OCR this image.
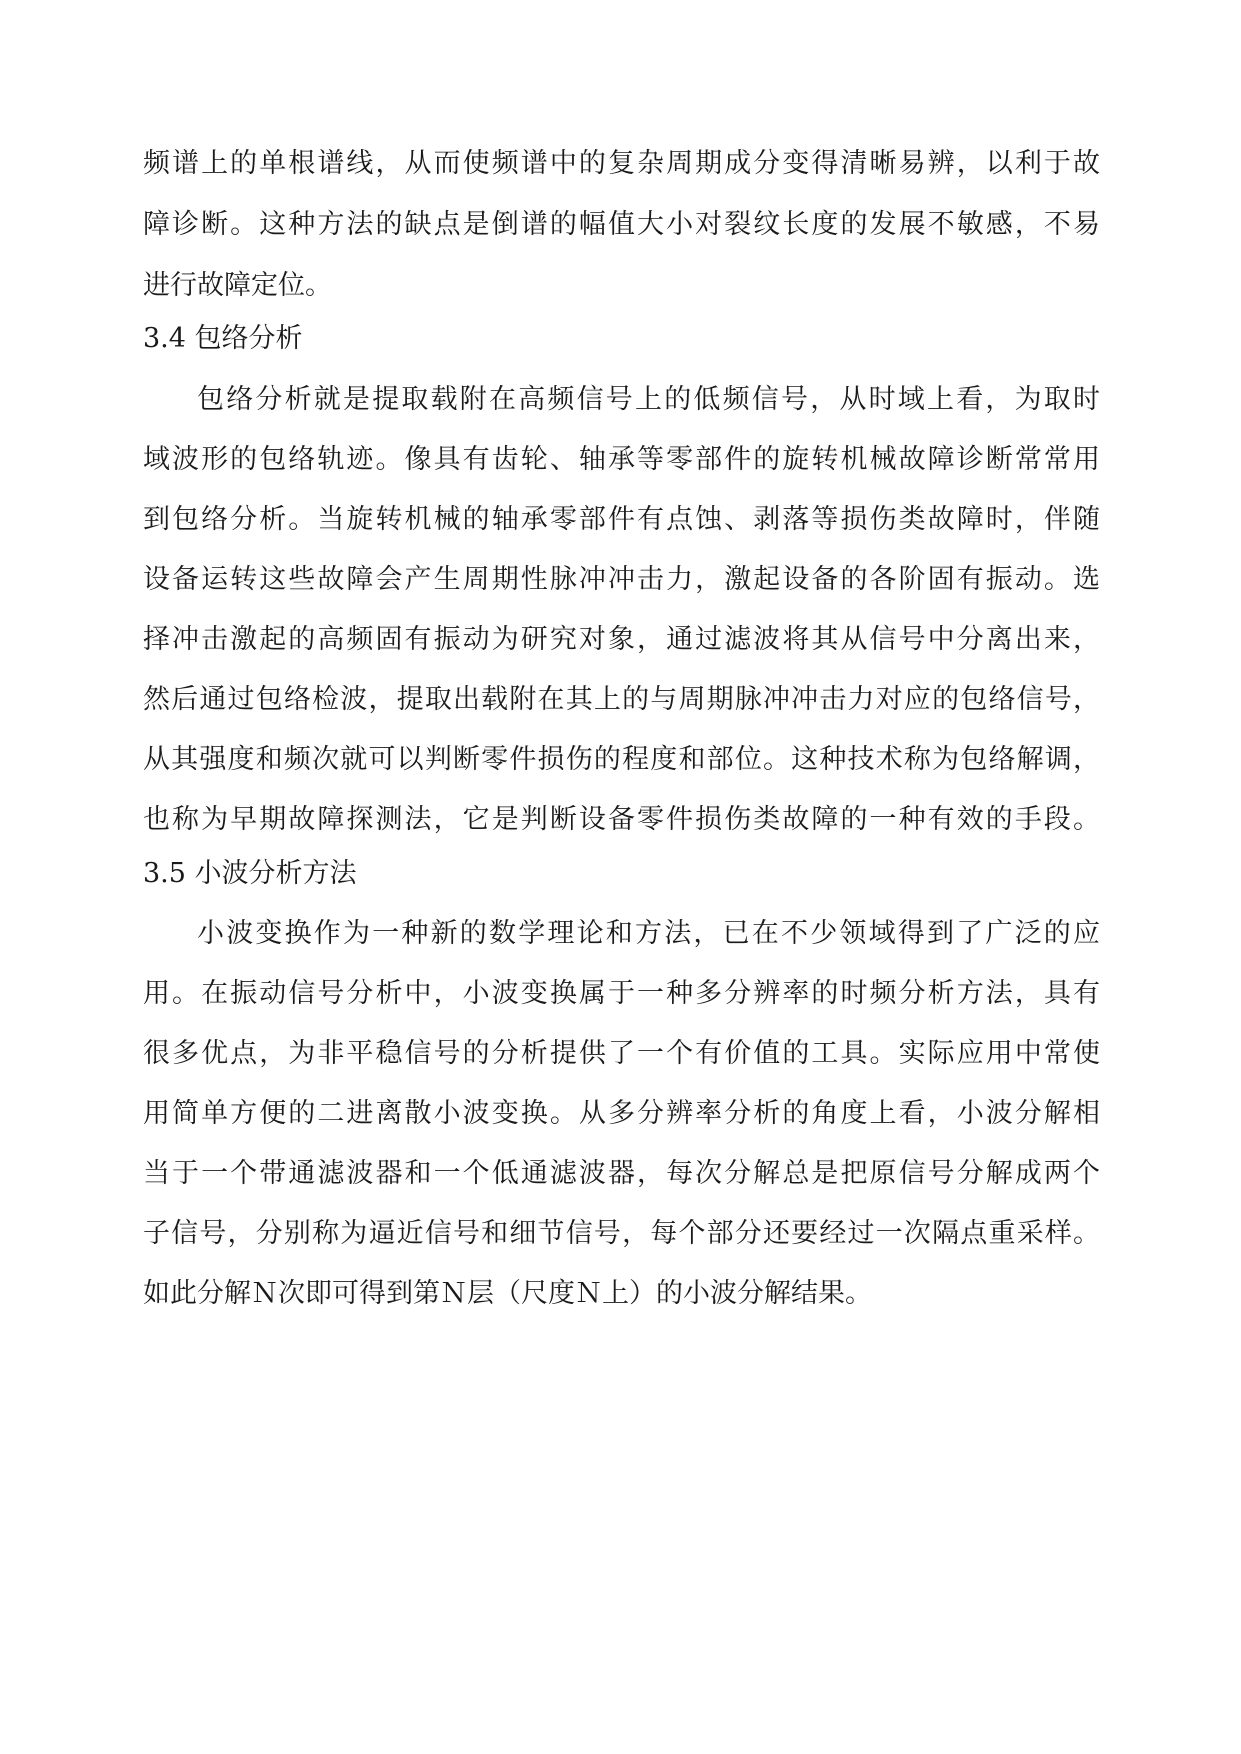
频谱上的单根谱线，从而使频谱中的复杂周期成分变得清晰易辨，以利于故
障诊断。这种方法的缺点是倒谱的幅值大小对裂纹长度的发展不敏感，不易
进行故障定位。
3.4 包络分析
包络分析就是提取载附在高频信号上的低频信号，从时域上看，为取时
域波形的包络轨迹。像具有齿轮、轴承等零部件的旋转机械故障诊断常常用
到包络分析。当旋转机械的轴承零部件有点蚀、剥落等损伤类故障时，伴随
设备运转这些故障会产生周期性脉冲冲击力，激起设备的各阶固有振动。选
择冲击激起的高频固有振动为研究对象，通过滤波将其从信号中分离出来，
然后通过包络检波，提取出载附在其上的与周期脉冲冲击力对应的包络信号，
从其强度和频次就可以判断零件损伤的程度和部位。这种技术称为包络解调，
也称为早期故障探测法，它是判断设备零件损伤类故障的一种有效的手段。
3.5 小波分析方法
小波变换作为一种新的数学理论和方法，已在不少领域得到了广泛的应
用。在振动信号分析中，小波变换属于一种多分辨率的时频分析方法，具有
很多优点，为非平稳信号的分析提供了一个有价值的工具。实际应用中常使
用简单方便的二进离散小波变换。从多分辨率分析的角度上看，小波分解相
当于一个带通滤波器和一个低通滤波器，每次分解总是把原信号分解成两个
子信号，分别称为逼近信号和细节信号，每个部分还要经过一次隔点重采样。
如此分解Ｎ次即可得到第Ｎ层（尺度Ｎ上）的小波分解结果。
